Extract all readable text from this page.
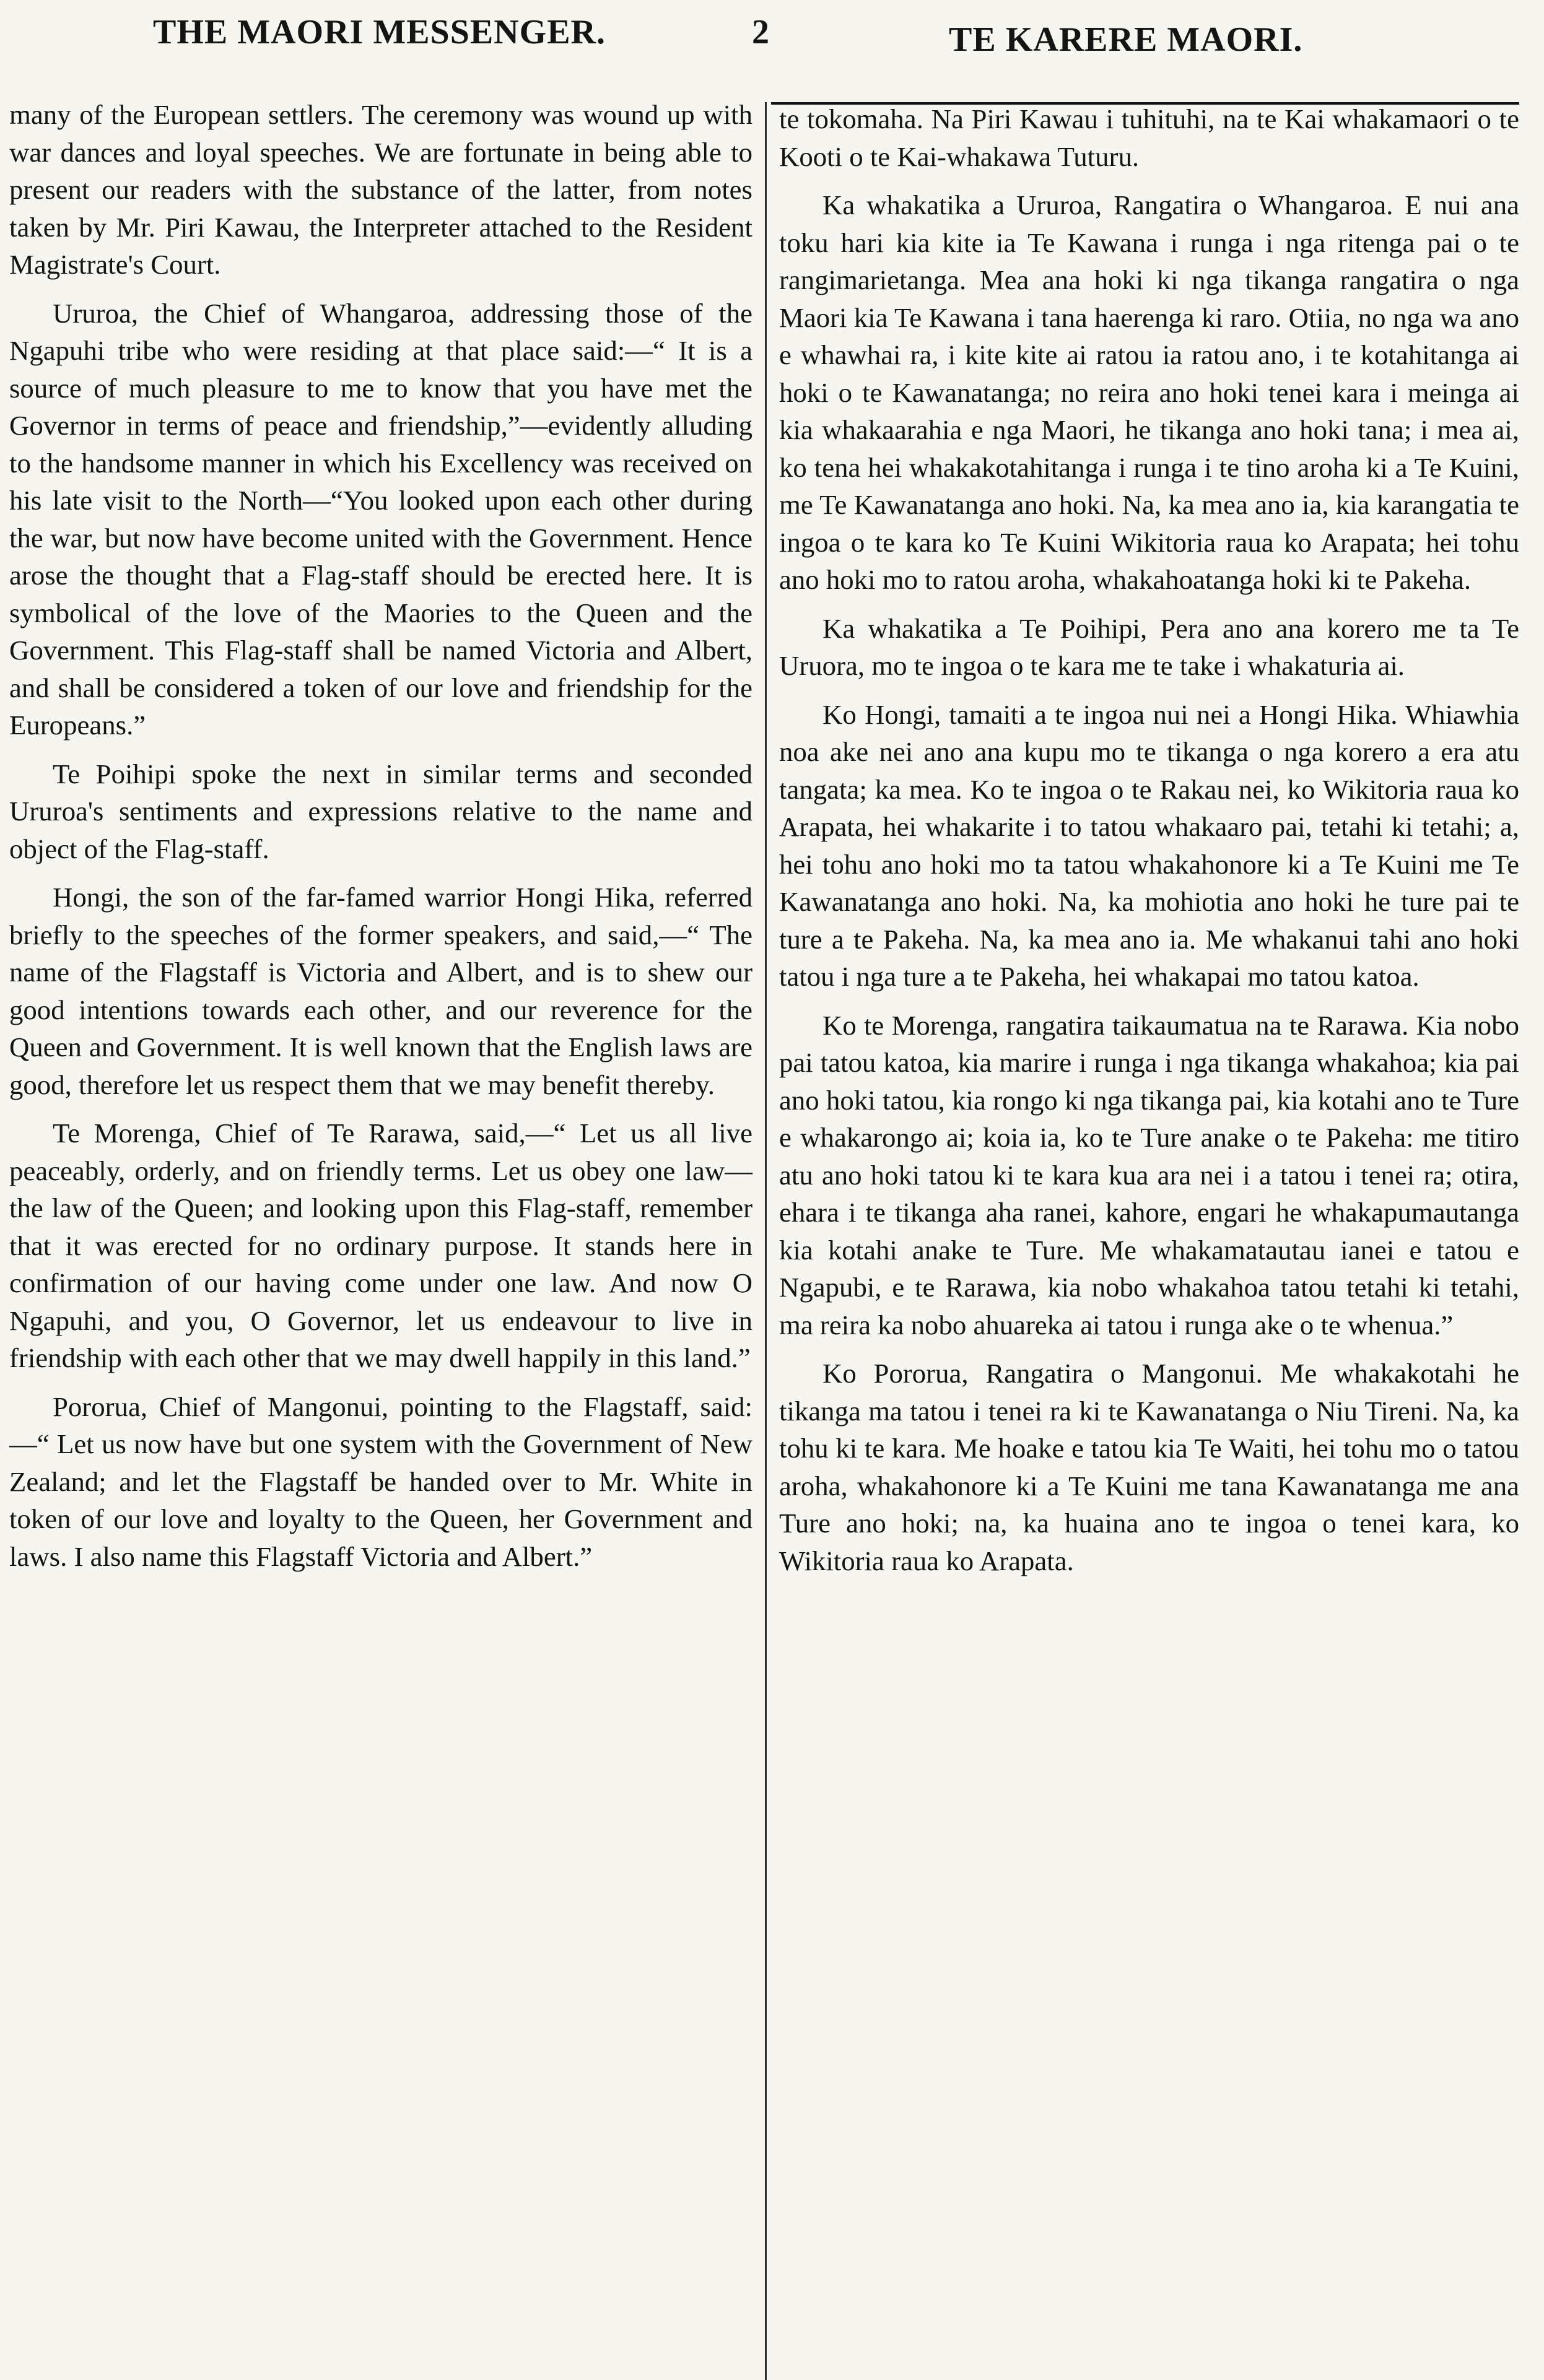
THE MAORI MESSENGER.	2	TE KARERE MAORI.

many of the European settlers. The ceremony was wound up with war dances and loyal speeches. We are fortunate in being able to present our readers with the substance of the latter, from notes taken by Mr. Piri Kawau, the Interpreter attached to the Resident Magistrate's Court.

Ururoa, the Chief of Whangaroa, addressing those of the Ngapuhi tribe who were residing at that place said:—“ It is a source of much pleasure to me to know that you have met the Governor in terms of peace and friendship,”—evidently alluding to the handsome manner in which his Excellency was received on his late visit to the North—“You looked upon each other during the war, but now have become united with the Government. Hence arose the thought that a Flag-staff should be erected here. It is symbolical of the love of the Maories to the Queen and the Government. This Flag-staff shall be named Victoria and Albert, and shall be considered a token of our love and friendship for the Europeans.”

Te Poihipi spoke the next in similar terms and seconded Ururoa's sentiments and expressions relative to the name and object of the Flag-staff.

Hongi, the son of the far-famed warrior Hongi Hika, referred briefly to the speeches of the former speakers, and said,—“ The name of the Flagstaff is Victoria and Albert, and is to shew our good intentions towards each other, and our reverence for the Queen and Government. It is well known that the English laws are good, therefore let us respect them that we may benefit thereby.

Te Morenga, Chief of Te Rarawa, said,—“ Let us all live peaceably, orderly, and on friendly terms. Let us obey one law—the law of the Queen; and looking upon this Flag-staff, remember that it was erected for no ordinary purpose. It stands here in confirmation of our having come under one law. And now O Ngapuhi, and you, O Governor, let us endeavour to live in friendship with each other that we may dwell happily in this land.”

Pororua, Chief of Mangonui, pointing to the Flagstaff, said:—“ Let us now have but one system with the Government of New Zealand; and let the Flagstaff be handed over to Mr. White in token of our love and loyalty to the Queen, her Government and laws. I also name this Flagstaff Victoria and Albert.”

te tokomaha. Na Piri Kawau i tuhituhi, na te Kai whakamaori o te Kooti o te Kai-whakawa Tuturu.

Ka whakatika a Ururoa, Rangatira o Whangaroa. E nui ana toku hari kia kite ia Te Kawana i runga i nga ritenga pai o te rangimarietanga. Mea ana hoki ki nga tikanga rangatira o nga Maori kia Te Kawana i tana haerenga ki raro. Otiia, no nga wa ano e whawhai ra, i kite kite ai ratou ia ratou ano, i te kotahitanga ai hoki o te Kawanatanga; no reira ano hoki tenei kara i meinga ai kia whakaarahia e nga Maori, he tikanga ano hoki tana; i mea ai, ko tena hei whakakotahitanga i runga i te tino aroha ki a Te Kuini, me Te Kawanatanga ano hoki. Na, ka mea ano ia, kia karangatia te ingoa o te kara ko Te Kuini Wikitoria raua ko Arapata; hei tohu ano hoki mo to ratou aroha, whakahoatanga hoki ki te Pakeha.

Ka whakatika a Te Poihipi, Pera ano ana korero me ta Te Uruora, mo te ingoa o te kara me te take i whakaturia ai.

Ko Hongi, tamaiti a te ingoa nui nei a Hongi Hika. Whiawhia noa ake nei ano ana kupu mo te tikanga o nga korero a era atu tangata; ka mea. Ko te ingoa o te Rakau nei, ko Wikitoria raua ko Arapata, hei whakarite i to tatou whakaaro pai, tetahi ki tetahi; a, hei tohu ano hoki mo ta tatou whakahonore ki a Te Kuini me Te Kawanatanga ano hoki. Na, ka mohiotia ano hoki he ture pai te ture a te Pakeha. Na, ka mea ano ia. Me whakanui tahi ano hoki tatou i nga ture a te Pakeha, hei whakapai mo tatou katoa.

Ko te Morenga, rangatira taikaumatua na te Rarawa. Kia nobo pai tatou katoa, kia marire i runga i nga tikanga whakahoa; kia pai ano hoki tatou, kia rongo ki nga tikanga pai, kia kotahi ano te Ture e whakarongo ai; koia ia, ko te Ture anake o te Pakeha: me titiro atu ano hoki tatou ki te kara kua ara nei i a tatou i tenei ra; otira, ehara i te tikanga aha ranei, kahore, engari he whakapumautanga kia kotahi anake te Ture. Me whakamatautau ianei e tatou e Ngapubi, e te Rarawa, kia nobo whakahoa tatou tetahi ki tetahi, ma reira ka nobo ahuareka ai tatou i runga ake o te whenua.”

Ko Pororua, Rangatira o Mangonui. Me whakakotahi he tikanga ma tatou i tenei ra ki te Kawanatanga o Niu Tireni. Na, ka tohu ki te kara. Me hoake e tatou kia Te Waiti, hei tohu mo o tatou aroha, whakahonore ki a Te Kuini me tana Kawanatanga me ana Ture ano hoki; na, ka huaina ano te ingoa o tenei kara, ko Wikitoria raua ko Arapata.
